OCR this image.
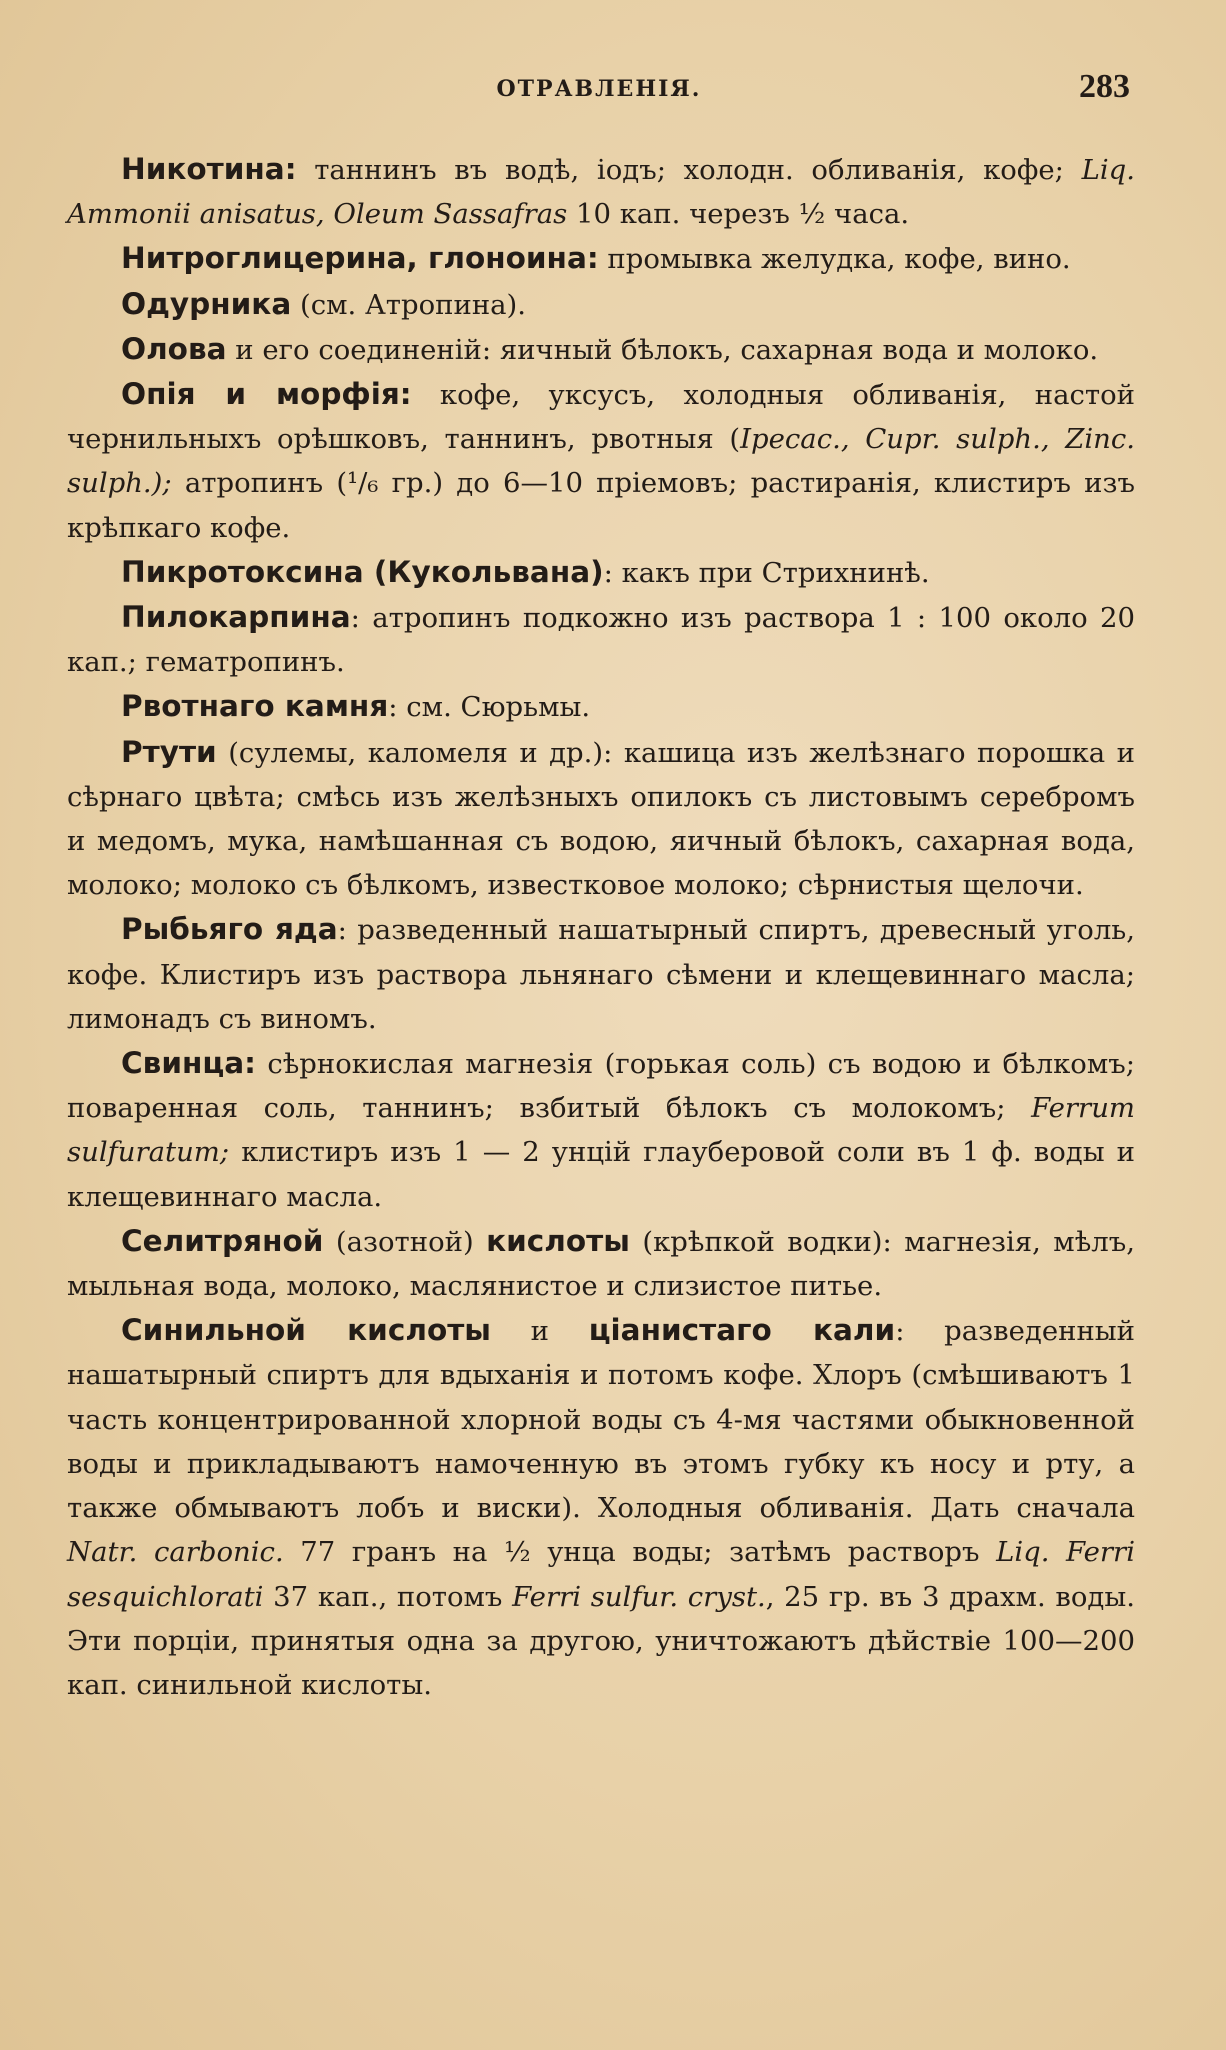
ОТРАВЛЕНІЯ.	283

Никотина: таннинъ въ водѣ, іодъ; холодн. обливанія, кофе; Liq. Ammonii anisatus, Oleum Sassafras 10 кап. черезъ ½ часа.

Нитроглицерина, глоноина: промывка желудка, кофе, вино.

Одурника (см. Атропина).

Олова и его соединеній: яичный бѣлокъ, сахарная вода и молоко.

Опія и морфія: кофе, уксусъ, холодныя обливанія, настой чернильныхъ орѣшковъ, таннинъ, рвотныя (Ipecac., Cupr. sulph., Zinc. sulph.); атропинъ (¹/₆ гр.) до 6—10 пріемовъ; растиранія, клистиръ изъ крѣпкаго кофе.

Пикротоксина (Кукольвана): какъ при Стрихнинѣ.

Пилокарпина: атропинъ подкожно изъ раствора 1 : 100 около 20 кап.; гематропинъ.

Рвотнаго камня: см. Сюрьмы.

Ртути (сулемы, каломеля и др.): кашица изъ желѣзнаго порошка и сѣрнаго цвѣта; смѣсь изъ желѣзныхъ опилокъ съ листовымъ серебромъ и медомъ, мука, намѣшанная съ водою, яичный бѣлокъ, сахарная вода, молоко; молоко съ бѣлкомъ, известковое молоко; сѣрнистыя щелочи.

Рыбьяго яда: разведенный нашатырный спиртъ, древесный уголь, кофе. Клистиръ изъ раствора льнянаго сѣмени и клещевиннаго масла; лимонадъ съ виномъ.

Свинца: сѣрнокислая магнезія (горькая соль) съ водою и бѣлкомъ; поваренная соль, таннинъ; взбитый бѣлокъ съ молокомъ; Ferrum sulfuratum; клистиръ изъ 1 — 2 унцій глауберовой соли въ 1 ф. воды и клещевиннаго масла.

Селитряной (азотной) кислоты (крѣпкой водки): магнезія, мѣлъ, мыльная вода, молоко, маслянистое и слизистое питье.

Синильной кислоты и ціанистаго кали: разведенный нашатырный спиртъ для вдыханія и потомъ кофе. Хлоръ (смѣшиваютъ 1 часть концентрированной хлорной воды съ 4-мя частями обыкновенной воды и прикладываютъ намоченную въ этомъ губку къ носу и рту, а также обмываютъ лобъ и виски). Холодныя обливанія. Дать сначала Natr. carbonic. 77 гранъ на ½ унца воды; затѣмъ растворъ Liq. Ferri sesquichlorati 37 кап., потомъ Ferri sulfur. cryst., 25 гр. въ 3 драхм. воды. Эти порціи, принятыя одна за другою, уничтожаютъ дѣйствіе 100—200 кап. синильной кислоты.
